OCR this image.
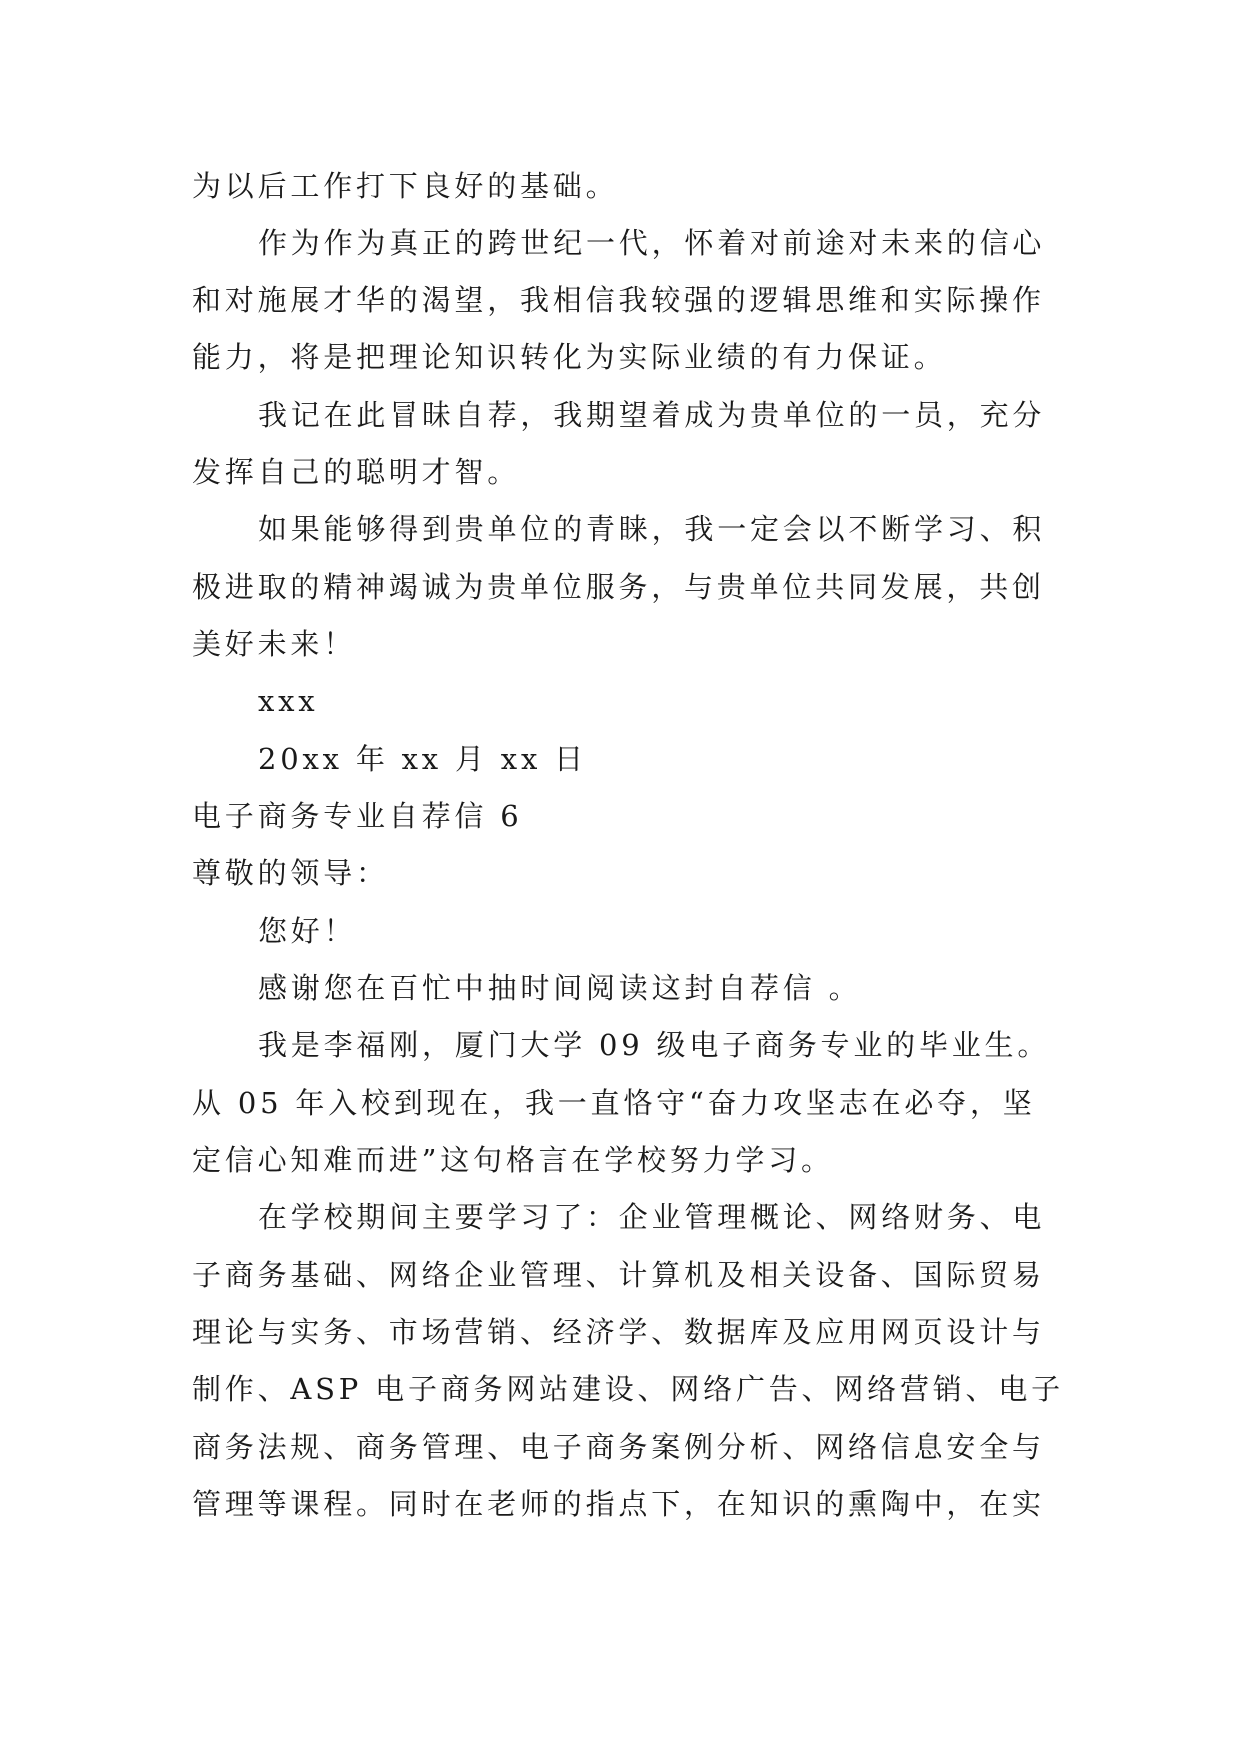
为以后工作打下良好的基础。
作为作为真正的跨世纪一代，怀着对前途对未来的信心
和对施展才华的渴望，我相信我较强的逻辑思维和实际操作
能力，将是把理论知识转化为实际业绩的有力保证。
我记在此冒昧自荐，我期望着成为贵单位的一员，充分
发挥自己的聪明才智。
如果能够得到贵单位的青睐，我一定会以不断学习、积
极进取的精神竭诚为贵单位服务，与贵单位共同发展，共创
美好未来！
xxx
20xx 年 xx 月 xx 日
电子商务专业自荐信 6
尊敬的领导：
您好！
感谢您在百忙中抽时间阅读这封自荐信 。
我是李福刚，厦门大学 09 级电子商务专业的毕业生。
从 05 年入校到现在，我一直恪守“奋力攻坚志在必夺，坚
定信心知难而进”这句格言在学校努力学习。
在学校期间主要学习了：企业管理概论、网络财务、电
子商务基础、网络企业管理、计算机及相关设备、国际贸易
理论与实务、市场营销、经济学、数据库及应用网页设计与
制作、ASP 电子商务网站建设、网络广告、网络营销、电子
商务法规、商务管理、电子商务案例分析、网络信息安全与
管理等课程。同时在老师的指点下，在知识的熏陶中，在实
